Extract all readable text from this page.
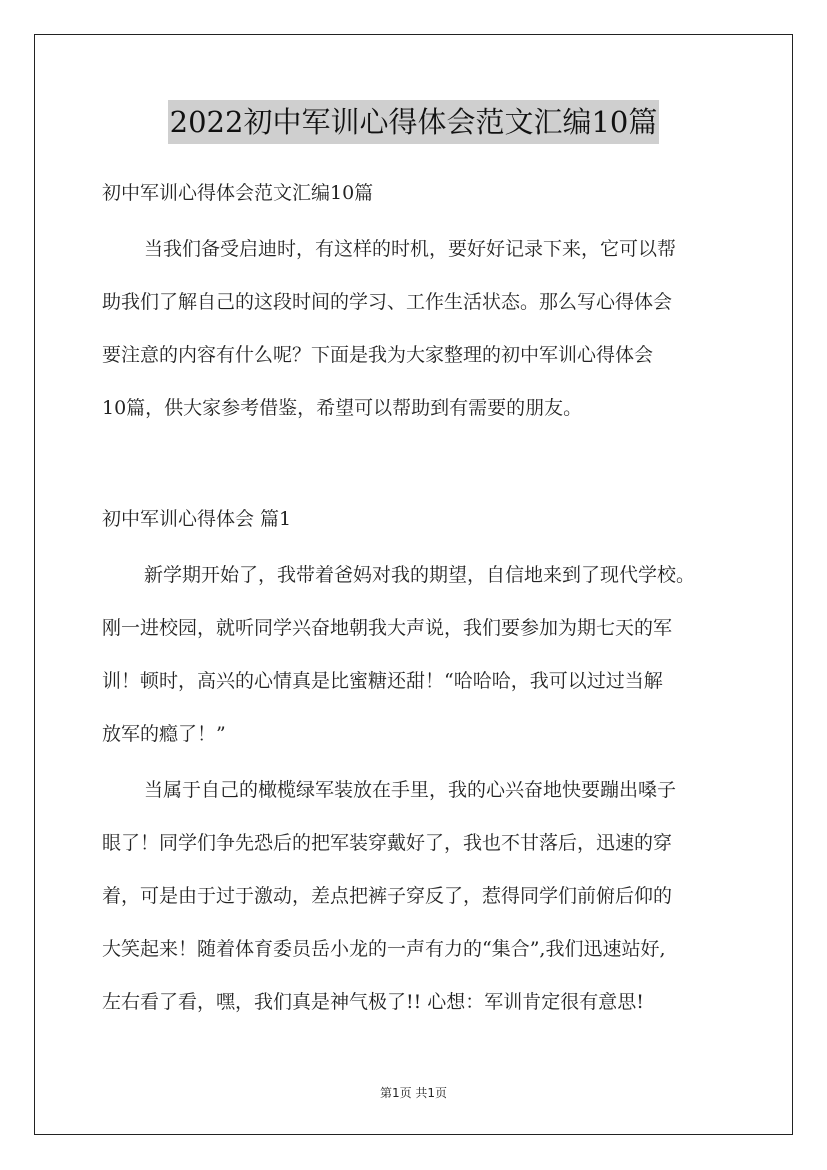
2022初中军训心得体会范文汇编10篇
初中军训心得体会范文汇编10篇
当我们备受启迪时，有这样的时机，要好好记录下来，它可以帮
助我们了解自己的这段时间的学习、工作生活状态。那么写心得体会
要注意的内容有什么呢？下面是我为大家整理的初中军训心得体会
10篇，供大家参考借鉴，希望可以帮助到有需要的朋友。
初中军训心得体会 篇1
新学期开始了，我带着爸妈对我的期望，自信地来到了现代学校。
刚一进校园，就听同学兴奋地朝我大声说，我们要参加为期七天的军
训！顿时，高兴的心情真是比蜜糖还甜！“哈哈哈，我可以过过当解
放军的瘾了！”
当属于自己的橄榄绿军装放在手里，我的心兴奋地快要蹦出嗓子
眼了！同学们争先恐后的把军装穿戴好了，我也不甘落后，迅速的穿
着，可是由于过于激动，差点把裤子穿反了，惹得同学们前俯后仰的
大笑起来！随着体育委员岳小龙的一声有力的“集合”,我们迅速站好,
左右看了看，嘿，我们真是神气极了!! 心想：军训肯定很有意思!
第1页 共1页
